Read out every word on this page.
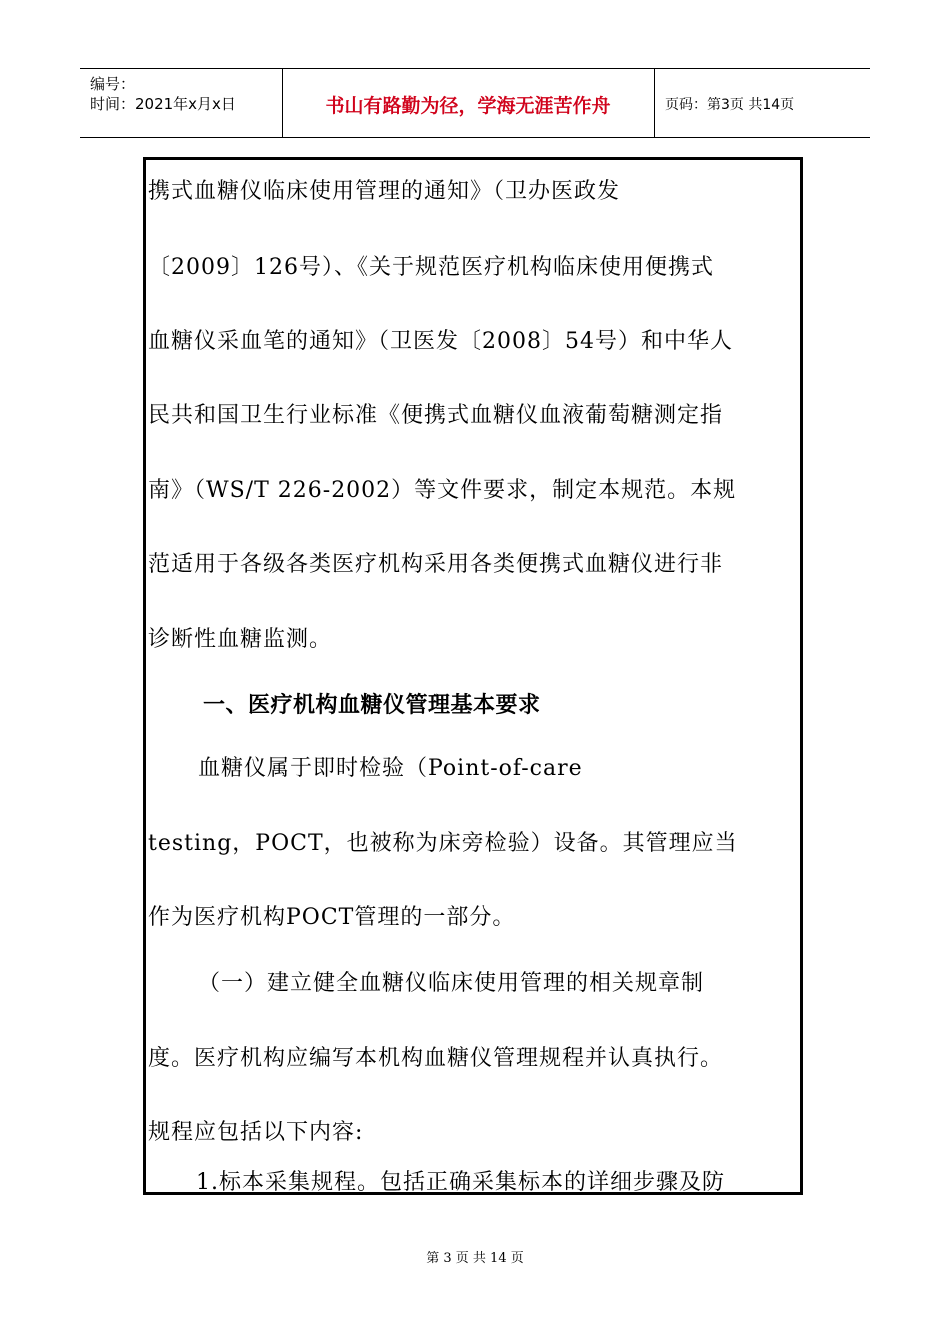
编号：
时间：2021年x月x日	书山有路勤为径，学海无涯苦作舟	页码：第3页 共14页
携式血糖仪临床使用管理的通知》（卫办医政发
〔2009〕126号）、《关于规范医疗机构临床使用便携式
血糖仪采血笔的通知》（卫医发〔2008〕54号）和中华人
民共和国卫生行业标准《便携式血糖仪血液葡萄糖测定指
南》（WS/T 226-2002）等文件要求，制定本规范。本规
范适用于各级各类医疗机构采用各类便携式血糖仪进行非
诊断性血糖监测。
一、医疗机构血糖仪管理基本要求
血糖仪属于即时检验（Point-of-care
testing，POCT，也被称为床旁检验）设备。其管理应当
作为医疗机构POCT管理的一部分。
（一）建立健全血糖仪临床使用管理的相关规章制
度。医疗机构应编写本机构血糖仪管理规程并认真执行。
规程应包括以下内容:
1.标本采集规程。包括正确采集标本的详细步骤及防
第 3 页 共 14 页
